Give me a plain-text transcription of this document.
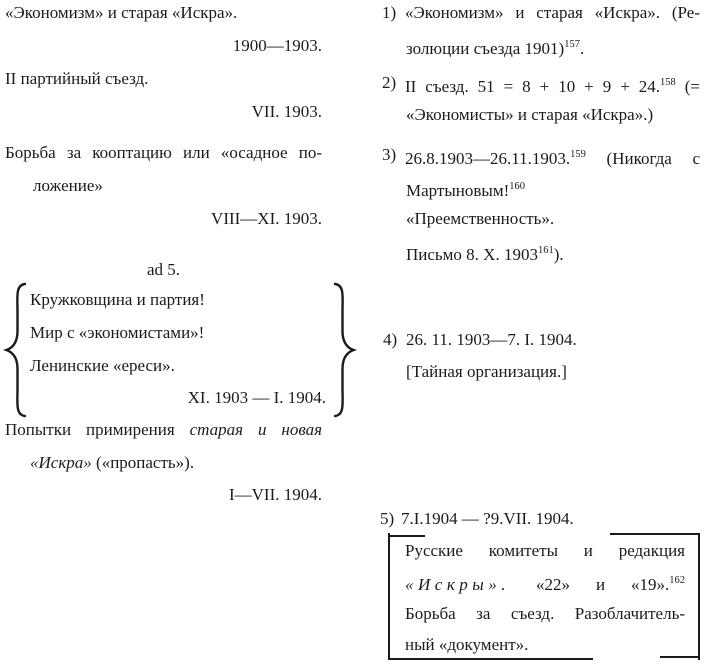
«Экономизм» и старая «Искра».
1900—1903.
II партийный съезд.
VII. 1903.
Борьба за кооптацию или «осадное по-
ложение»
VIII—XI. 1903.
ad 5.
Кружковщина и партия!
Мир с «экономистами»!
Ленинские «ереси».
XI. 1903 — I. 1904.
Попытки примирения старая и новая
«Искра» («пропасть»).
I—VII. 1904.
1) «Экономизм» и старая «Искра». (Ре-
золюции съезда 1901)$^{157}$.
2) II съезд. 51 = 8 + 10 + 9 + 24.$^{158}$ (=
«Экономисты» и старая «Искра».)
3) 26.8.1903—26.11.1903.$^{159}$ (Никогда с
Мартыновым!$^{160}$
«Преемственность».
Письмо 8. X. 1903$^{161}$).
4) 26. 11. 1903—7. I. 1904.
[Тайная организация.]
5) 7.I.1904 — ?9.VII. 1904.
Русские комитеты и редакция
«Искры». «22» и «19».$^{162}$
Борьба за съезд. Разоблачитель-
ный «документ».
